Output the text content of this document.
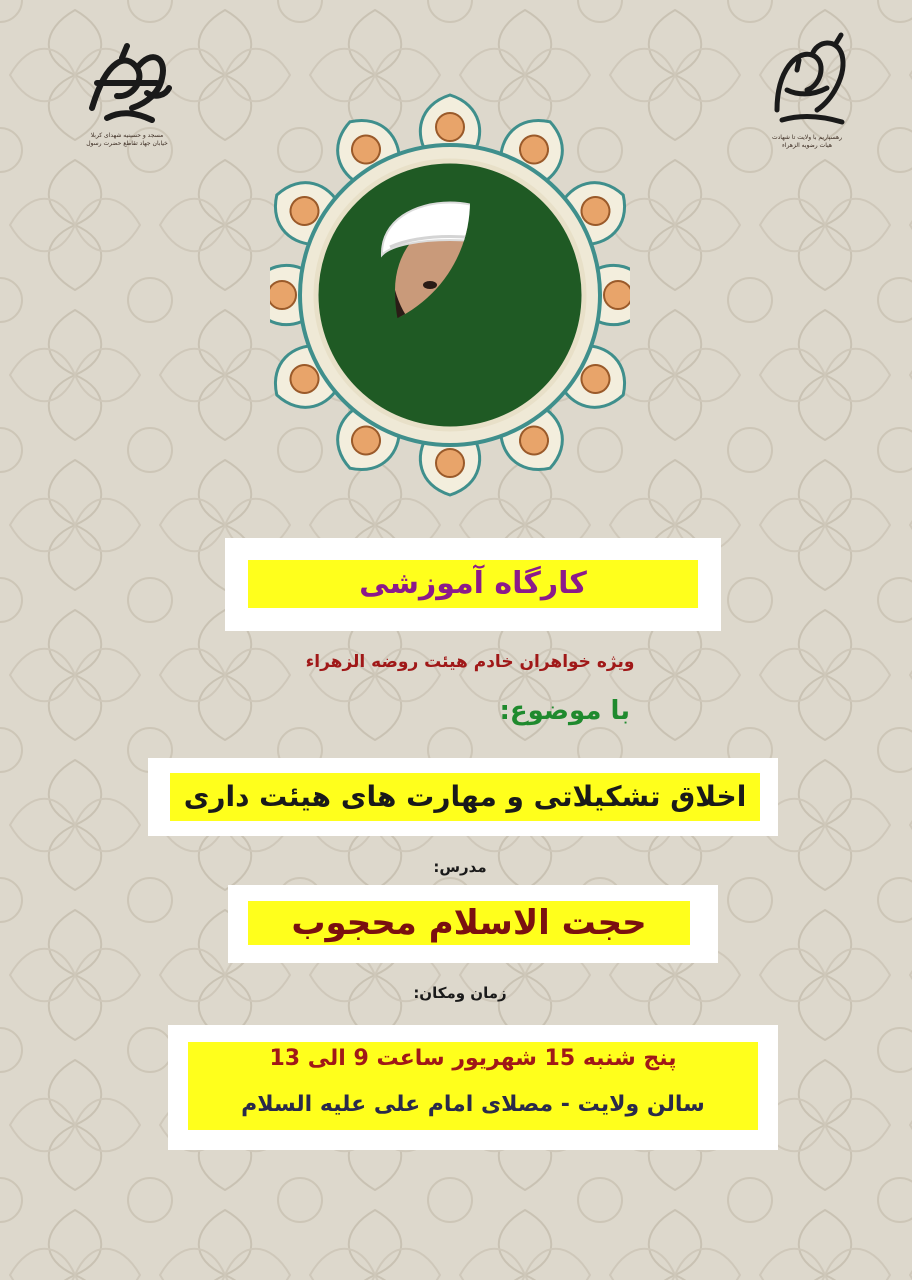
مسجد و حسینیه شهدای کربلا
خیابان جهاد تقاطع حضرت رسول
رهسپاریم با ولایت تا شهادت
هیات رضویه الزهراء
کارگاه آموزشی
ویژه خواهران خادم هیئت روضه الزهراء
با موضوع:
اخلاق تشکیلاتی و مهارت های هیئت داری
مدرس:
حجت الاسلام محجوب
زمان ومکان:
پنج شنبه 15 شهریور ساعت 9 الی 13
سالن ولایت - مصلای امام علی علیه السلام
